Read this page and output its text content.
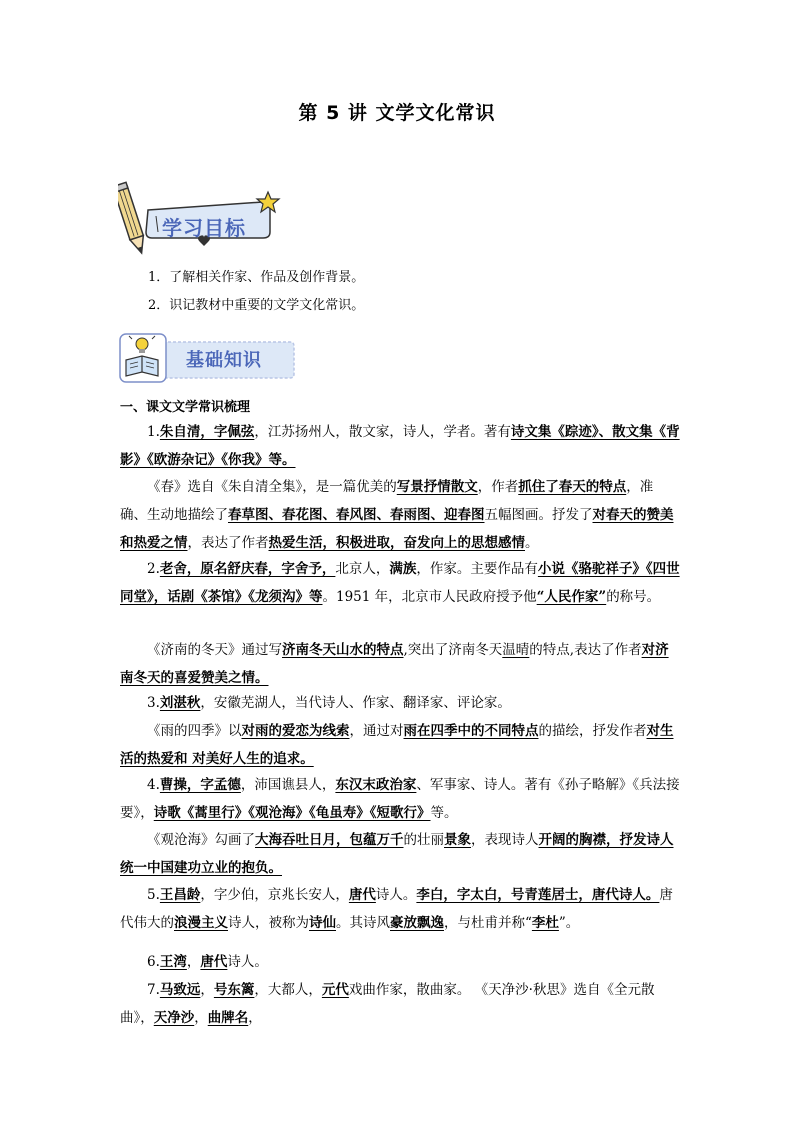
第 5 讲 文学文化常识
学习目标
1．了解相关作家、作品及创作背景。
2．识记教材中重要的文学文化常识。
基础知识
一、课文文学常识梳理

1.朱自清，字佩弦，江苏扬州人，散文家，诗人，学者。著有诗文集《踪迹》、散文集《背影》《欧游杂记》《你我》等。

《春》选自《朱自清全集》，是一篇优美的写景抒情散文，作者抓住了春天的特点，准确、生动地描绘了春草图、春花图、春风图、春雨图、迎春图五幅图画。抒发了对春天的赞美和热爱之情，表达了作者热爱生活，积极进取，奋发向上的思想感情。

2.老舍，原名舒庆春，字舍予，北京人，满族，作家。主要作品有小说《骆驼祥子》《四世同堂》，话剧《茶馆》《龙须沟》等。1951 年，北京市人民政府授予他“人民作家”的称号。

《济南的冬天》通过写济南冬天山水的特点,突出了济南冬天温晴的特点,表达了作者对济南冬天的喜爱赞美之情。

3.刘湛秋，安徽芜湖人，当代诗人、作家、翻译家、评论家。

《雨的四季》以对雨的爱恋为线索，通过对雨在四季中的不同特点的描绘，抒发作者对生活的热爱和 对美好人生的追求。

4.曹操，字孟德，沛国谯县人，东汉末政治家、军事家、诗人。著有《孙子略解》《兵法接要》，诗歌《蒿里行》《观沧海》《龟虽寿》《短歌行》等。

《观沧海》勾画了大海吞吐日月，包蕴万千的壮丽景象，表现诗人开阔的胸襟，抒发诗人统一中国建功立业的抱负。

5.王昌龄，字少伯，京兆长安人，唐代诗人。李白，字太白，号青莲居士，唐代诗人。唐代伟大的浪漫主义诗人，被称为诗仙。其诗风豪放飘逸，与杜甫并称“李杜”。

6.王湾，唐代诗人。

7.马致远，号东篱，大都人，元代戏曲作家，散曲家。 《天净沙·秋思》选自《全元散曲》，天净沙，曲牌名，
